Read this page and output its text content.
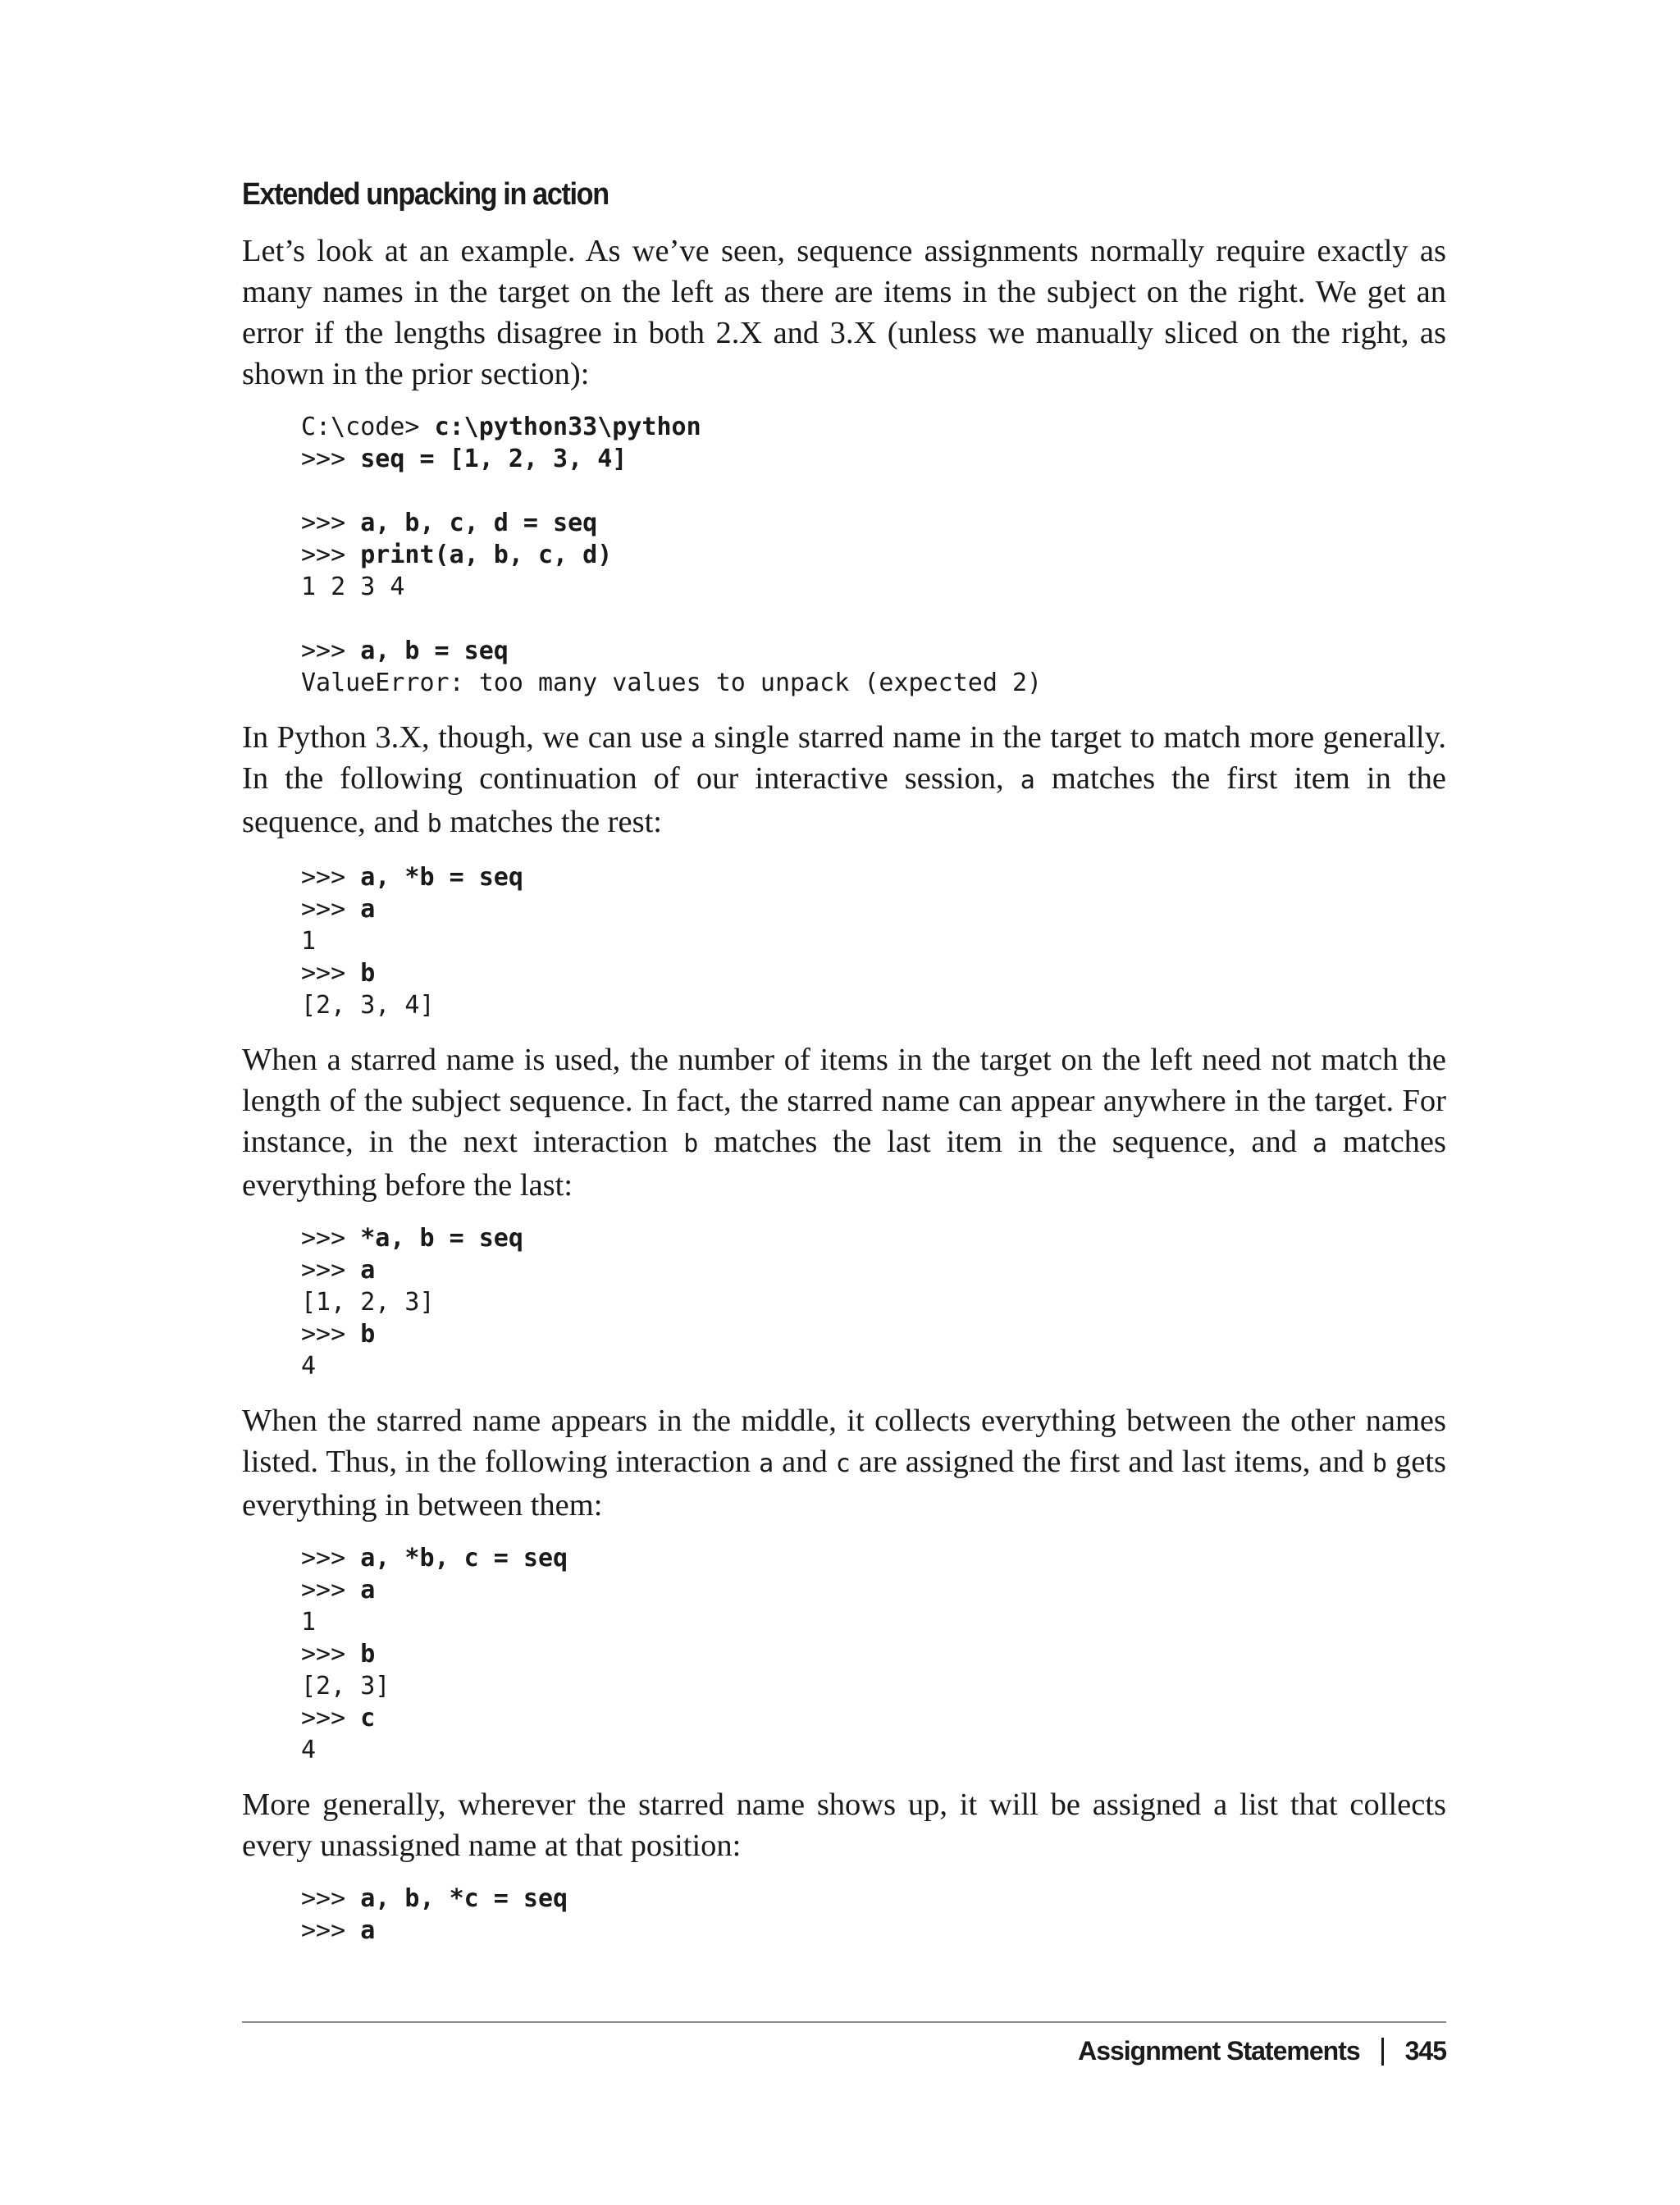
Extended unpacking in action

Let’s look at an example. As we’ve seen, sequence assignments normally require exactly as many names in the target on the left as there are items in the subject on the right. We get an error if the lengths disagree in both 2.X and 3.X (unless we manually sliced on the right, as shown in the prior section):

C:\code> c:\python33\python
>>> seq = [1, 2, 3, 4]
>>> a, b, c, d = seq
>>> print(a, b, c, d)
1 2 3 4
>>> a, b = seq
ValueError: too many values to unpack (expected 2)

In Python 3.X, though, we can use a single starred name in the target to match more generally. In the following continuation of our interactive session, a matches the first item in the sequence, and b matches the rest:

>>> a, *b = seq
>>> a
1
>>> b
[2, 3, 4]

When a starred name is used, the number of items in the target on the left need not match the length of the subject sequence. In fact, the starred name can appear anywhere in the target. For instance, in the next interaction b matches the last item in the sequence, and a matches everything before the last:

>>> *a, b = seq
>>> a
[1, 2, 3]
>>> b
4

When the starred name appears in the middle, it collects everything between the other names listed. Thus, in the following interaction a and c are assigned the first and last items, and b gets everything in between them:

>>> a, *b, c = seq
>>> a
1
>>> b
[2, 3]
>>> c
4

More generally, wherever the starred name shows up, it will be assigned a list that collects every unassigned name at that position:

>>> a, b, *c = seq
>>> a
Assignment Statements 345
